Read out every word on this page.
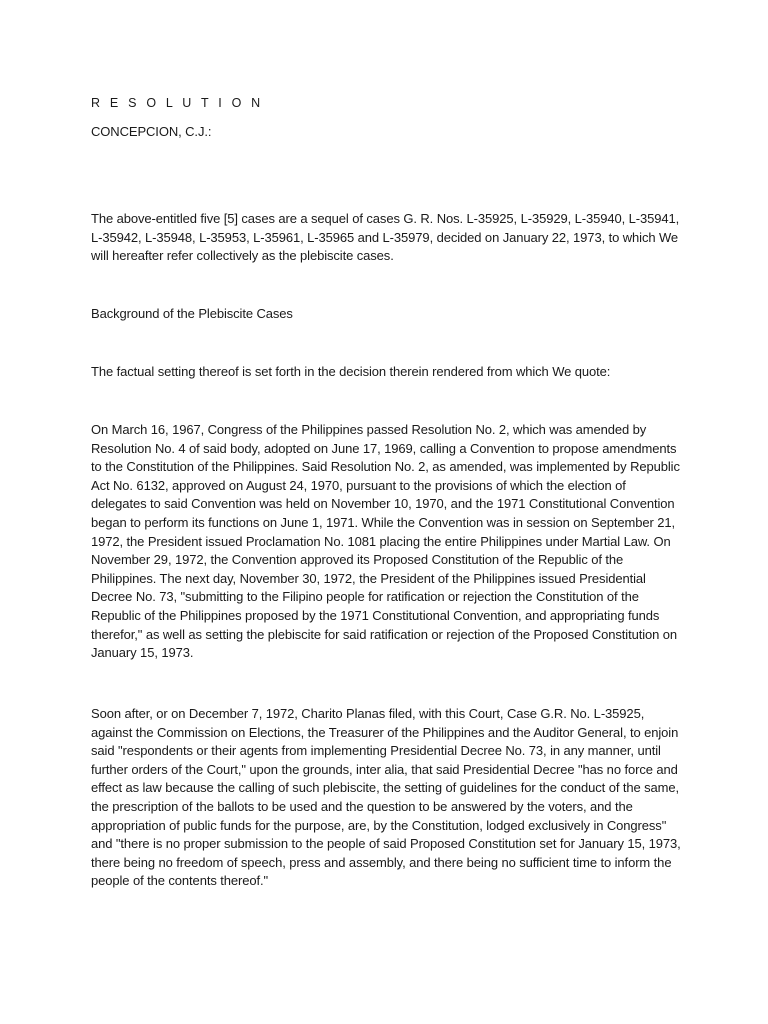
R E S O L U T I O N

CONCEPCION, C.J.:

The above-entitled five [5] cases are a sequel of cases G. R. Nos. L-35925, L-35929, L-35940, L-35941, L-35942, L-35948, L-35953, L-35961, L-35965 and L-35979, decided on January 22, 1973, to which We will hereafter refer collectively as the plebiscite cases.

Background of the Plebiscite Cases

The factual setting thereof is set forth in the decision therein rendered from which We quote:

On March 16, 1967, Congress of the Philippines passed Resolution No. 2, which was amended by Resolution No. 4 of said body, adopted on June 17, 1969, calling a Convention to propose amendments to the Constitution of the Philippines. Said Resolution No. 2, as amended, was implemented by Republic Act No. 6132, approved on August 24, 1970, pursuant to the provisions of which the election of delegates to said Convention was held on November 10, 1970, and the 1971 Constitutional Convention began to perform its functions on June 1, 1971. While the Convention was in session on September 21, 1972, the President issued Proclamation No. 1081 placing the entire Philippines under Martial Law. On November 29, 1972, the Convention approved its Proposed Constitution of the Republic of the Philippines. The next day, November 30, 1972, the President of the Philippines issued Presidential Decree No. 73, "submitting to the Filipino people for ratification or rejection the Constitution of the Republic of the Philippines proposed by the 1971 Constitutional Convention, and appropriating funds therefor," as well as setting the plebiscite for said ratification or rejection of the Proposed Constitution on January 15, 1973.

Soon after, or on December 7, 1972, Charito Planas filed, with this Court, Case G.R. No. L-35925, against the Commission on Elections, the Treasurer of the Philippines and the Auditor General, to enjoin said "respondents or their agents from implementing Presidential Decree No. 73, in any manner, until further orders of the Court," upon the grounds, inter alia, that said Presidential Decree "has no force and effect as law because the calling of such plebiscite, the setting of guidelines for the conduct of the same, the prescription of the ballots to be used and the question to be answered by the voters, and the appropriation of public funds for the purpose, are, by the Constitution, lodged exclusively in Congress" and "there is no proper submission to the people of said Proposed Constitution set for January 15, 1973, there being no freedom of speech, press and assembly, and there being no sufficient time to inform the people of the contents thereof."
